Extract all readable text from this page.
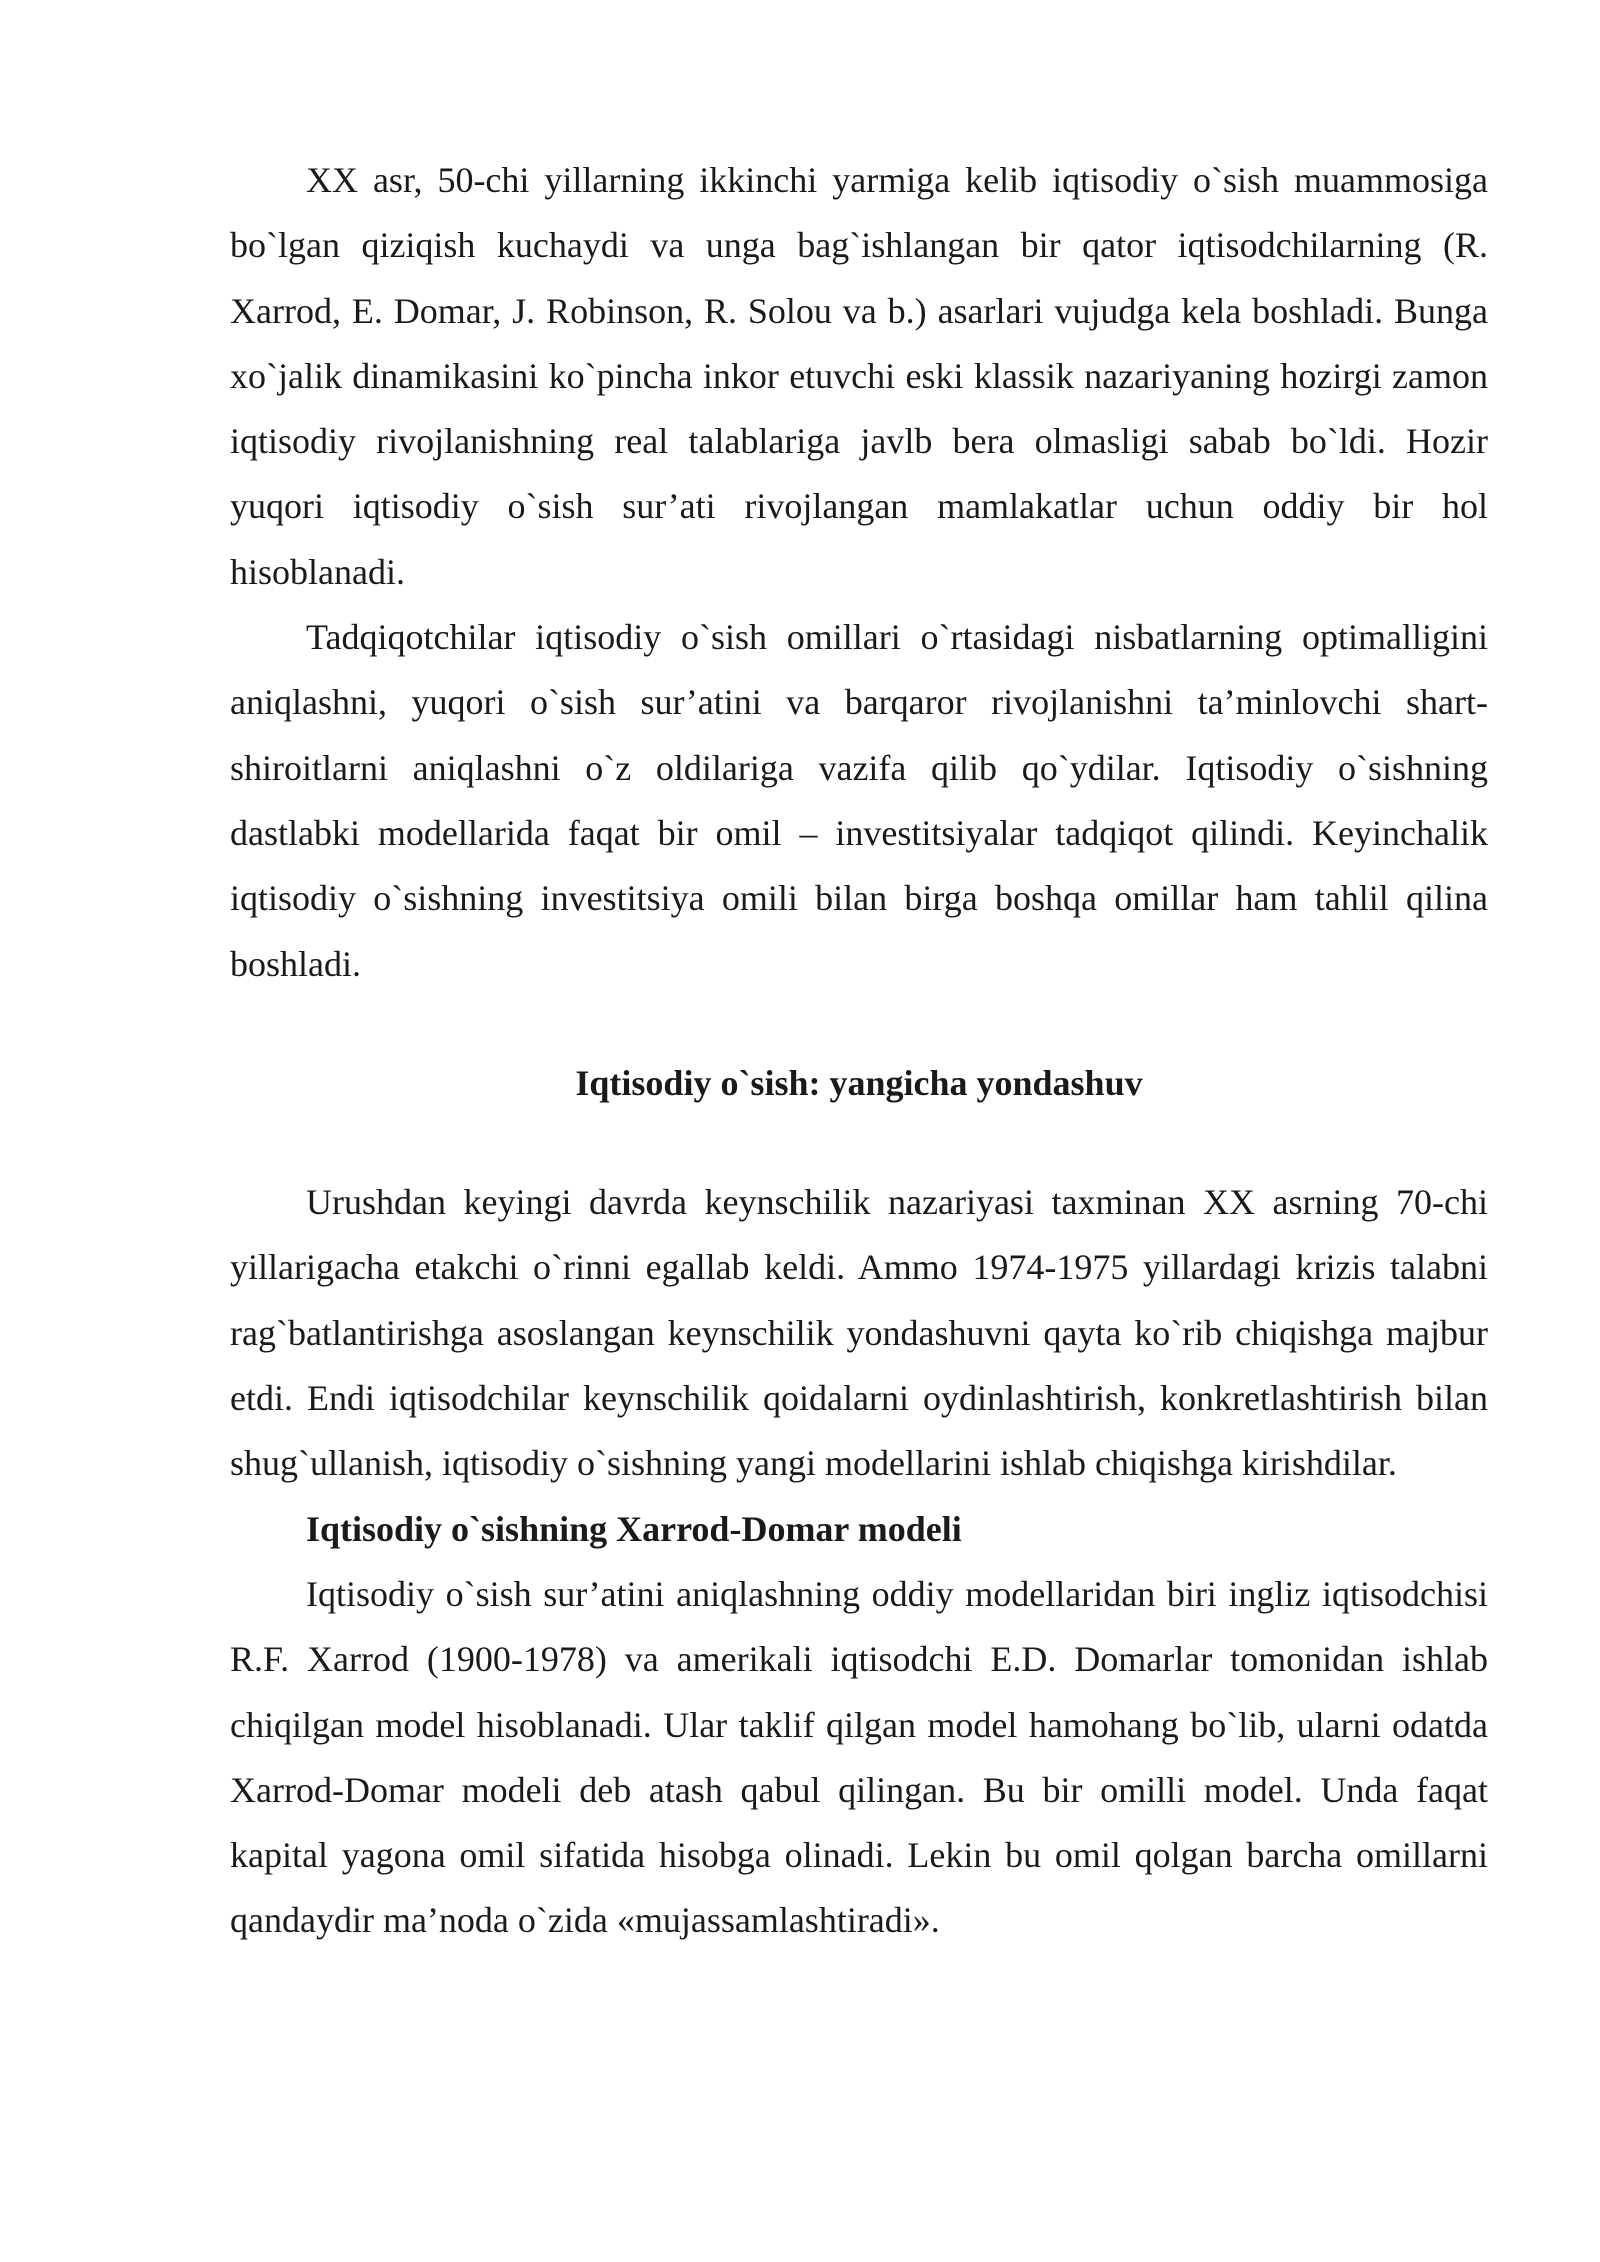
XX asr, 50-chi yillarning ikkinchi yarmiga kelib iqtisodiy o`sish muammosiga bo`lgan qiziqish kuchaydi va unga bag`ishlangan bir qator iqtisodchilarning (R. Xarrod, E. Domar, J. Robinson, R. Solou va b.) asarlari vujudga kela boshladi. Bunga xo`jalik dinamikasini ko`pincha inkor etuvchi eski klassik nazariyaning hozirgi zamon iqtisodiy rivojlanishning real talablariga javlb bera olmasligi sabab bo`ldi. Hozir yuqori iqtisodiy o`sish sur’ati rivojlangan mamlakatlar uchun oddiy bir hol hisoblanadi.

Tadqiqotchilar iqtisodiy o`sish omillari o`rtasidagi nisbatlarning optimalligini aniqlashni, yuqori o`sish sur’atini va barqaror rivojlanishni ta’minlovchi shart-shiroitlarni aniqlashni o`z oldilariga vazifa qilib qo`ydilar. Iqtisodiy o`sishning dastlabki modellarida faqat bir omil – investitsiyalar tadqiqot qilindi. Keyinchalik iqtisodiy o`sishning investitsiya omili bilan birga boshqa omillar ham tahlil qilina boshladi.

Iqtisodiy o`sish: yangicha yondashuv

Urushdan keyingi davrda keynschilik nazariyasi taxminan XX asrning 70-chi yillarigacha etakchi o`rinni egallab keldi. Ammo 1974-1975 yillardagi krizis talabni rag`batlantirishga asoslangan keynschilik yondashuvni qayta ko`rib chiqishga majbur etdi. Endi iqtisodchilar keynschilik qoidalarni oydinlashtirish, konkretlashtirish bilan shug`ullanish, iqtisodiy o`sishning yangi modellarini ishlab chiqishga kirishdilar.

Iqtisodiy o`sishning Xarrod-Domar modeli

Iqtisodiy o`sish sur’atini aniqlashning oddiy modellaridan biri ingliz iqtisodchisi R.F. Xarrod (1900-1978) va amerikali iqtisodchi E.D. Domarlar tomonidan ishlab chiqilgan model hisoblanadi. Ular taklif qilgan model hamohang bo`lib, ularni odatda Xarrod-Domar modeli deb atash qabul qilingan. Bu bir omilli model. Unda faqat kapital yagona omil sifatida hisobga olinadi. Lekin bu omil qolgan barcha omillarni qandaydir ma’noda o`zida «mujassamlashtiradi».
